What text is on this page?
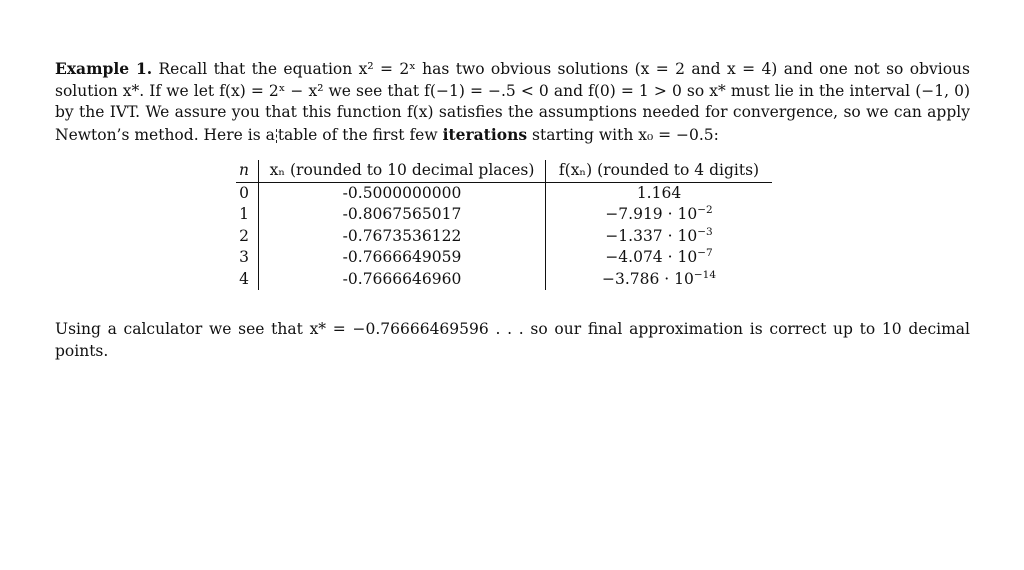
Example 1. Recall that the equation x² = 2ˣ has two obvious solutions (x = 2 and x = 4) and one not so obvious solution x*. If we let f(x) = 2ˣ − x² we see that f(−1) = −.5 < 0 and f(0) = 1 > 0 so x* must lie in the interval (−1, 0) by the IVT. We assure you that this function f(x) satisfies the assumptions needed for convergence, so we can apply Newton’s method. Here is a table of the first few iterations starting with x₀ = −0.5:

n	xₙ (rounded to 10 decimal places)	f(xₙ) (rounded to 4 digits)
0	-0.5000000000	1.164
1	-0.8067565017	$-7.919 \cdot 10^{-2}$
2	-0.7673536122	$-1.337 \cdot 10^{-3}$
3	-0.7666649059	$-4.074 \cdot 10^{-7}$
4	-0.7666646960	$-3.786 \cdot 10^{-14}$

Using a calculator we see that x* = −0.76666469596 . . . so our final approximation is correct up to 10 decimal points.
